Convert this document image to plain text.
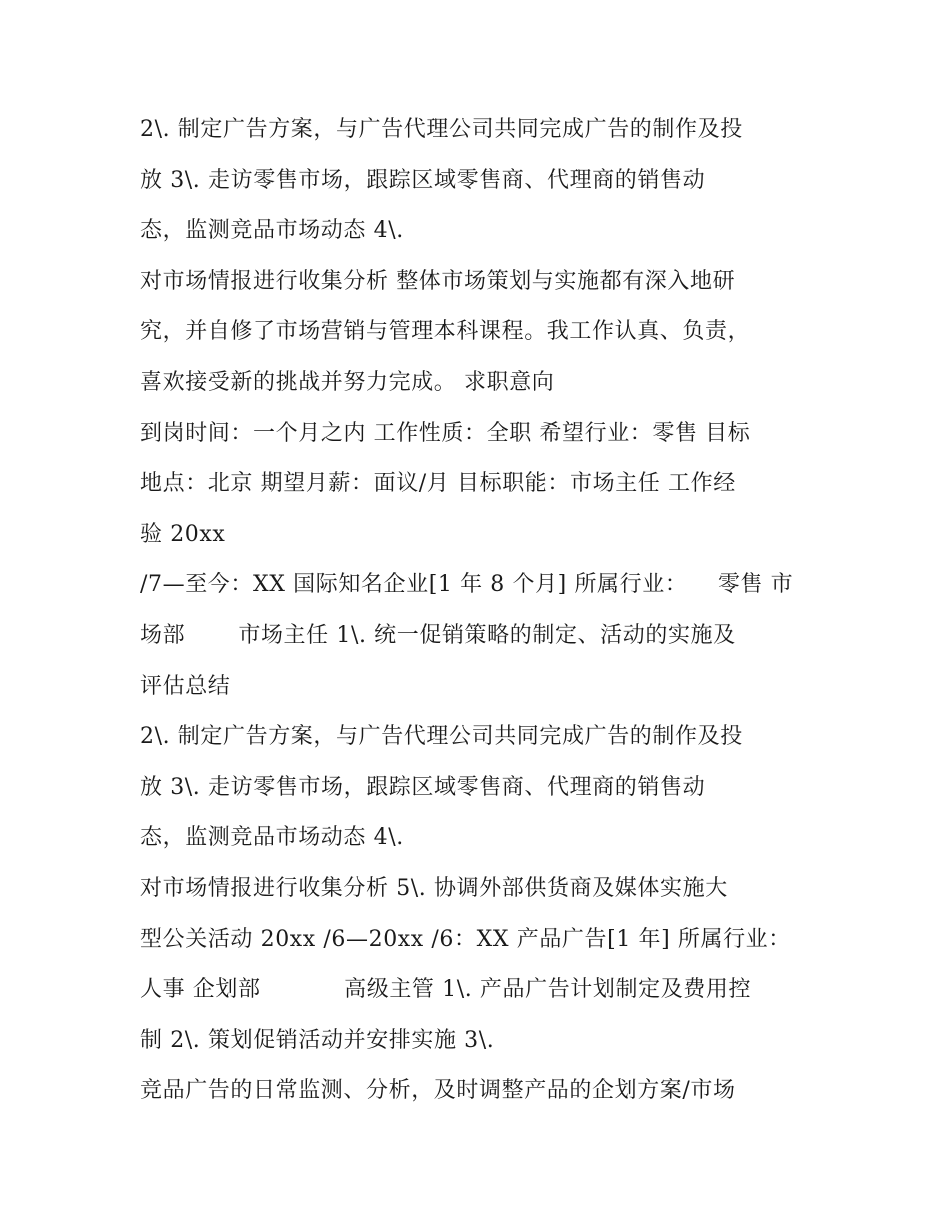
2\. 制定广告方案，与广告代理公司共同完成广告的制作及投
放 3\. 走访零售市场，跟踪区域零售商、代理商的销售动
态，监测竞品市场动态 4\.
对市场情报进行收集分析 整体市场策划与实施都有深入地研
究，并自修了市场营销与管理本科课程。我工作认真、负责，
喜欢接受新的挑战并努力完成。 求职意向
到岗时间：一个月之内 工作性质：全职 希望行业：零售 目标
地点：北京 期望月薪：面议/月 目标职能：市场主任 工作经
验 20xx
/7—至今：XX 国际知名企业[1 年 8 个月] 所属行业：    零售 市
场部       市场主任 1\. 统一促销策略的制定、活动的实施及
评估总结
2\. 制定广告方案，与广告代理公司共同完成广告的制作及投
放 3\. 走访零售市场，跟踪区域零售商、代理商的销售动
态，监测竞品市场动态 4\.
对市场情报进行收集分析 5\. 协调外部供货商及媒体实施大
型公关活动 20xx /6—20xx /6：XX 产品广告[1 年] 所属行业：
人事 企划部           高级主管 1\. 产品广告计划制定及费用控
制 2\. 策划促销活动并安排实施 3\.
竞品广告的日常监测、分析，及时调整产品的企划方案/市场
